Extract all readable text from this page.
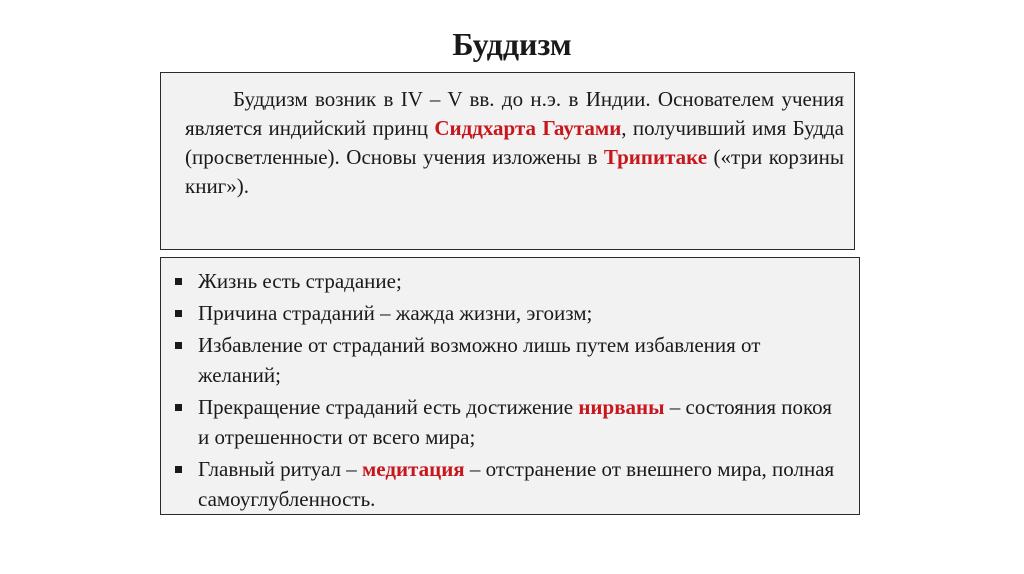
Буддизм
Буддизм возник в IV – V вв. до н.э. в Индии. Основателем учения является индийский принц Сиддхарта Гаутами, получивший имя Будда (просветленные). Основы учения изложены в Трипитаке («три корзины книг»).
Жизнь есть страдание;
Причина страданий – жажда жизни, эгоизм;
Избавление от страданий возможно лишь путем избавления от желаний;
Прекращение страданий есть достижение нирваны – состояния покоя и отрешенности от всего мира;
Главный ритуал – медитация – отстранение от внешнего мира, полная самоуглубленность.
